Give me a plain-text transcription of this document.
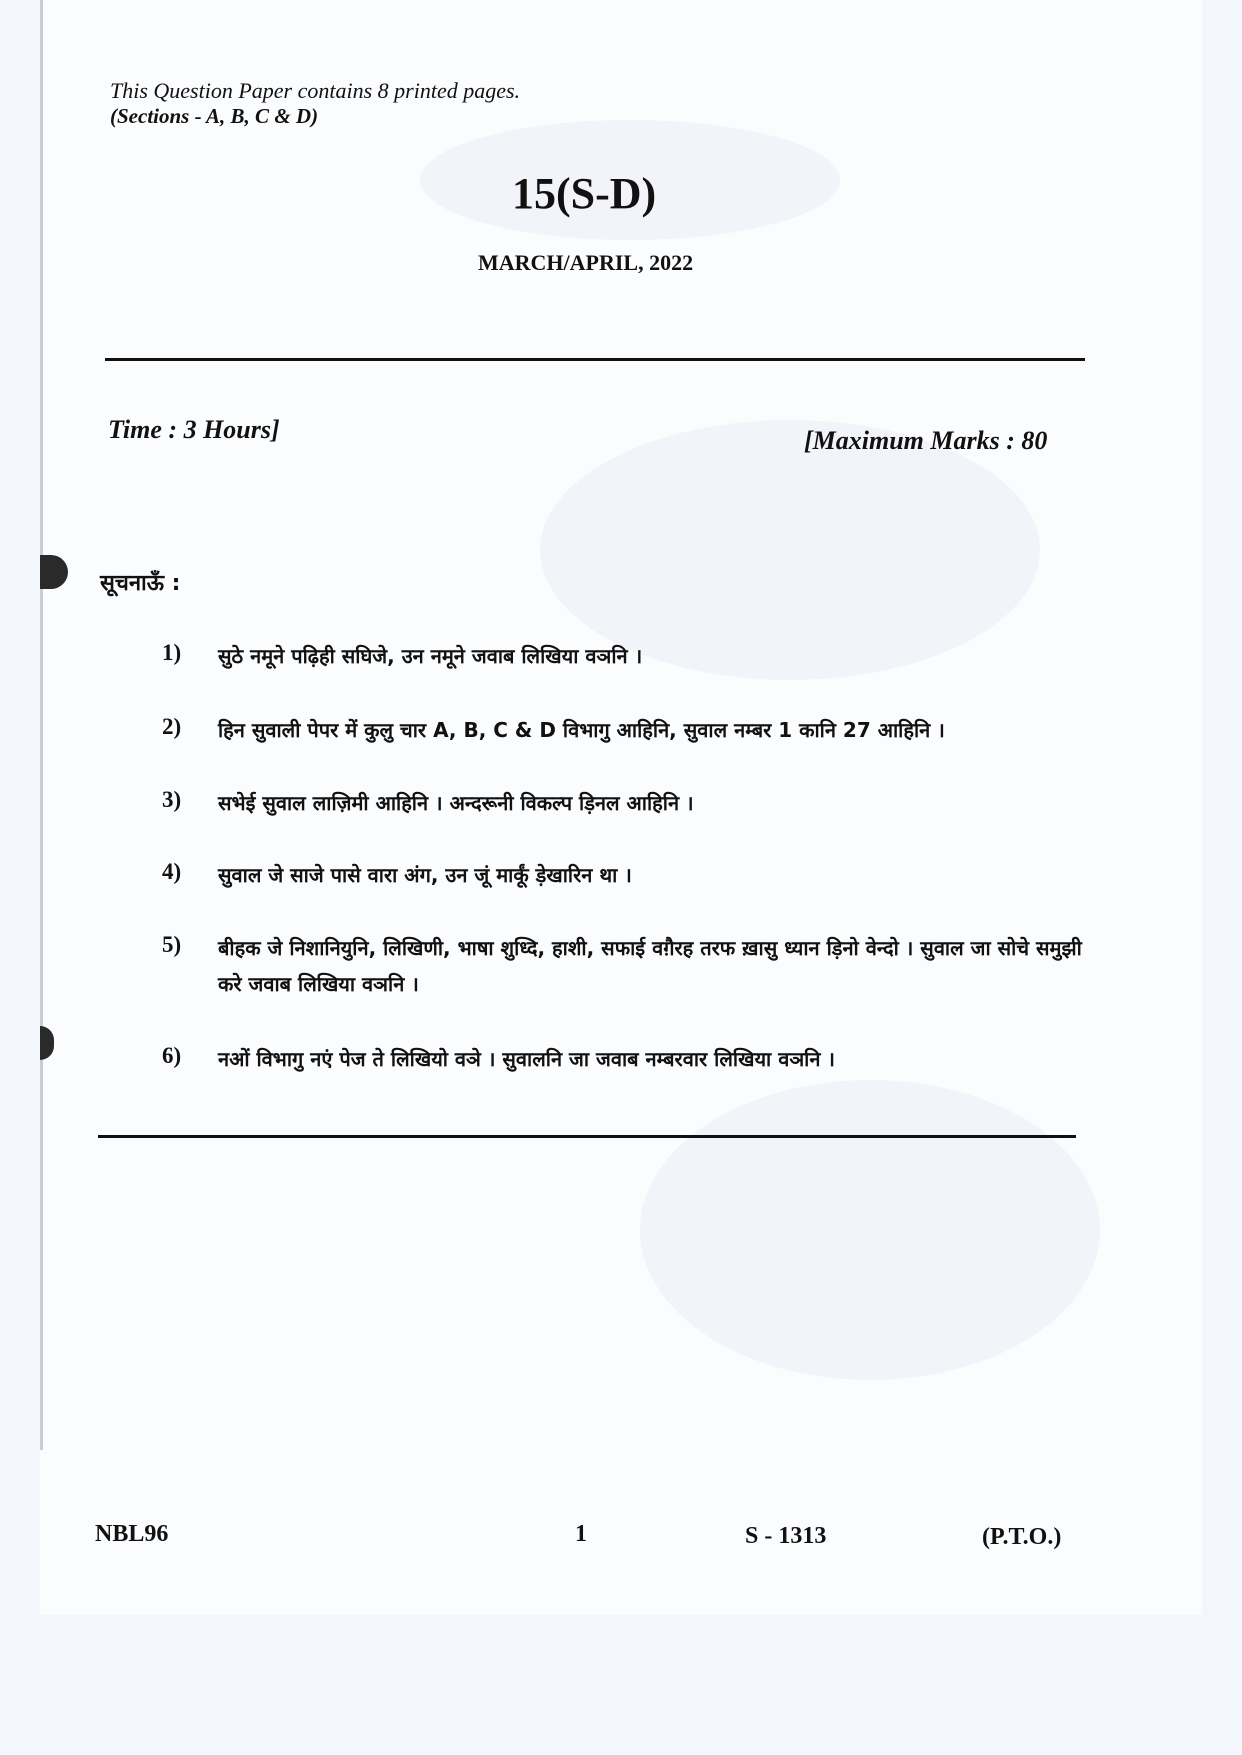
This Question Paper contains 8 printed pages.

(Sections - A, B, C & D)

15(S-D)

MARCH/APRIL, 2022

Time : 3 Hours]	[Maximum Marks : 80

सूचनाऊँ :

1) सुठे नमूने पढ़िही सघिजे, उन नमूने जवाब लिखिया वञनि ।
2) हिन सुवाली पेपर में कुलु चार A, B, C & D विभागु आहिनि, सुवाल नम्बर 1 कानि 27 आहिनि ।
3) सभेई सुवाल लाज़िमी आहिनि । अन्दरूनी विकल्प ड़िनल आहिनि ।
4) सुवाल जे साजे पासे वारा अंग, उन जूं मार्कूं ड़ेखारिन था ।
5) बीहक जे निशानियुनि, लिखिणी, भाषा शुध्दि, हाशी, सफाई वग़ैरह तरफ ख़ासु ध्यान ड़िनो वेन्दो । सुवाल जा सोचे समुझी करे जवाब लिखिया वञनि ।
6) नओं विभागु नएं पेज ते लिखियो वञे । सुवालनि जा जवाब नम्बरवार लिखिया वञनि ।

NBL96	1	S - 1313	(P.T.O.)
